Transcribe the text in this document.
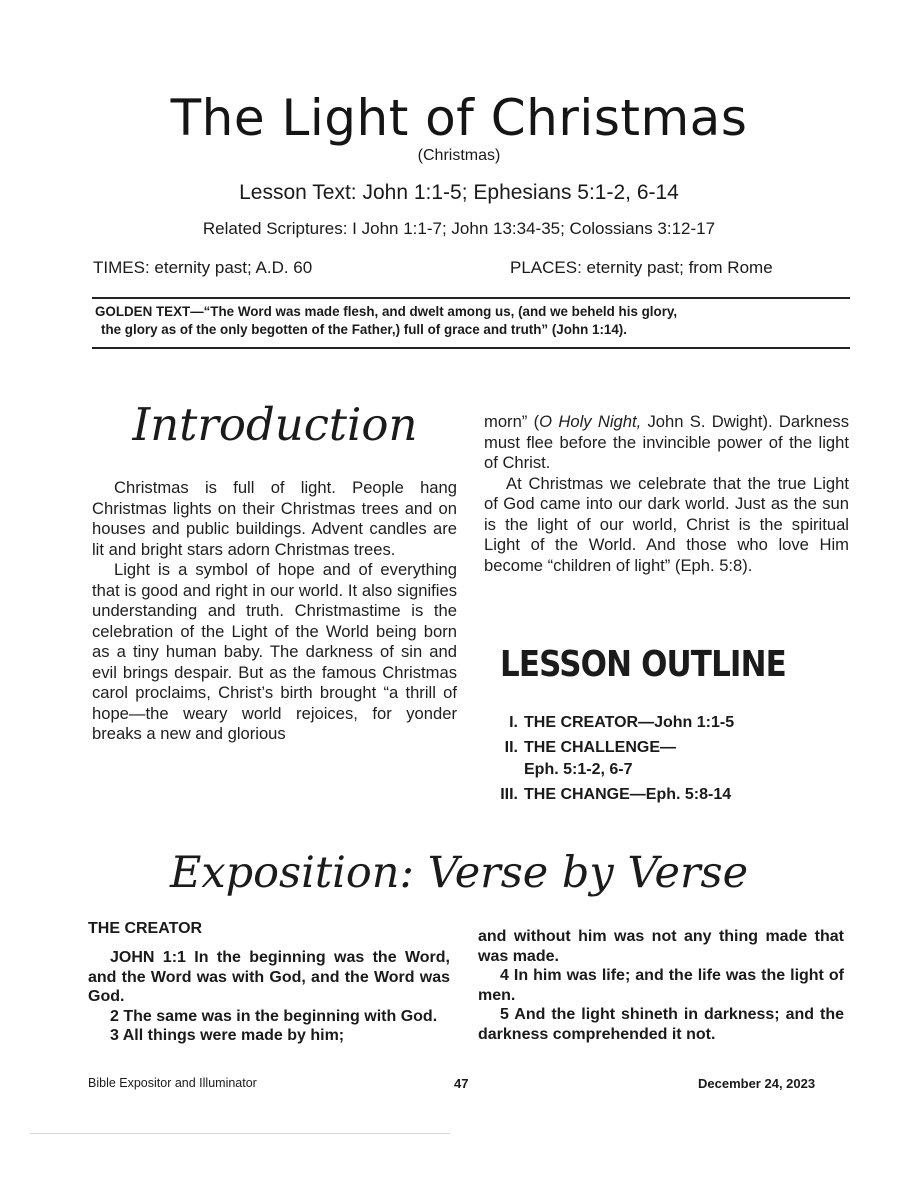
The Light of Christmas
(Christmas)
Lesson Text: John 1:1-5; Ephesians 5:1-2, 6-14
Related Scriptures: I John 1:1-7; John 13:34-35; Colossians 3:12-17
TIMES: eternity past; A.D. 60	PLACES: eternity past; from Rome
GOLDEN TEXT—“The Word was made flesh, and dwelt among us, (and we beheld his glory,
the glory as of the only begotten of the Father,) full of grace and truth” (John 1:14).
Introduction

Christmas is full of light. People hang Christmas lights on their Christmas trees and on houses and public buildings. Advent candles are lit and bright stars adorn Christmas trees.

Light is a symbol of hope and of everything that is good and right in our world. It also signifies understanding and truth. Christmastime is the celebration of the Light of the World being born as a tiny human baby. The darkness of sin and evil brings despair. But as the famous Christmas carol proclaims, Christ’s birth brought “a thrill of hope—the weary world rejoices, for yonder breaks a new and glorious

morn” (O Holy Night, John S. Dwight). Darkness must flee before the invincible power of the light of Christ.

At Christmas we celebrate that the true Light of God came into our dark world. Just as the sun is the light of our world, Christ is the spiritual Light of the World. And those who love Him become “children of light” (Eph. 5:8).

LESSON OUTLINE
I. THE CREATOR—John 1:1-5
II. THE CHALLENGE—
Eph. 5:1-2, 6-7
III. THE CHANGE—Eph. 5:8-14
Exposition: Verse by Verse
THE CREATOR

JOHN 1:1 In the beginning was the Word, and the Word was with God, and the Word was God.

2 The same was in the beginning with God.

3 All things were made by him;

and without him was not any thing made that was made.

4 In him was life; and the life was the light of men.

5 And the light shineth in darkness; and the darkness comprehended it not.

Bible Expositor and Illuminator	47	December 24, 2023
